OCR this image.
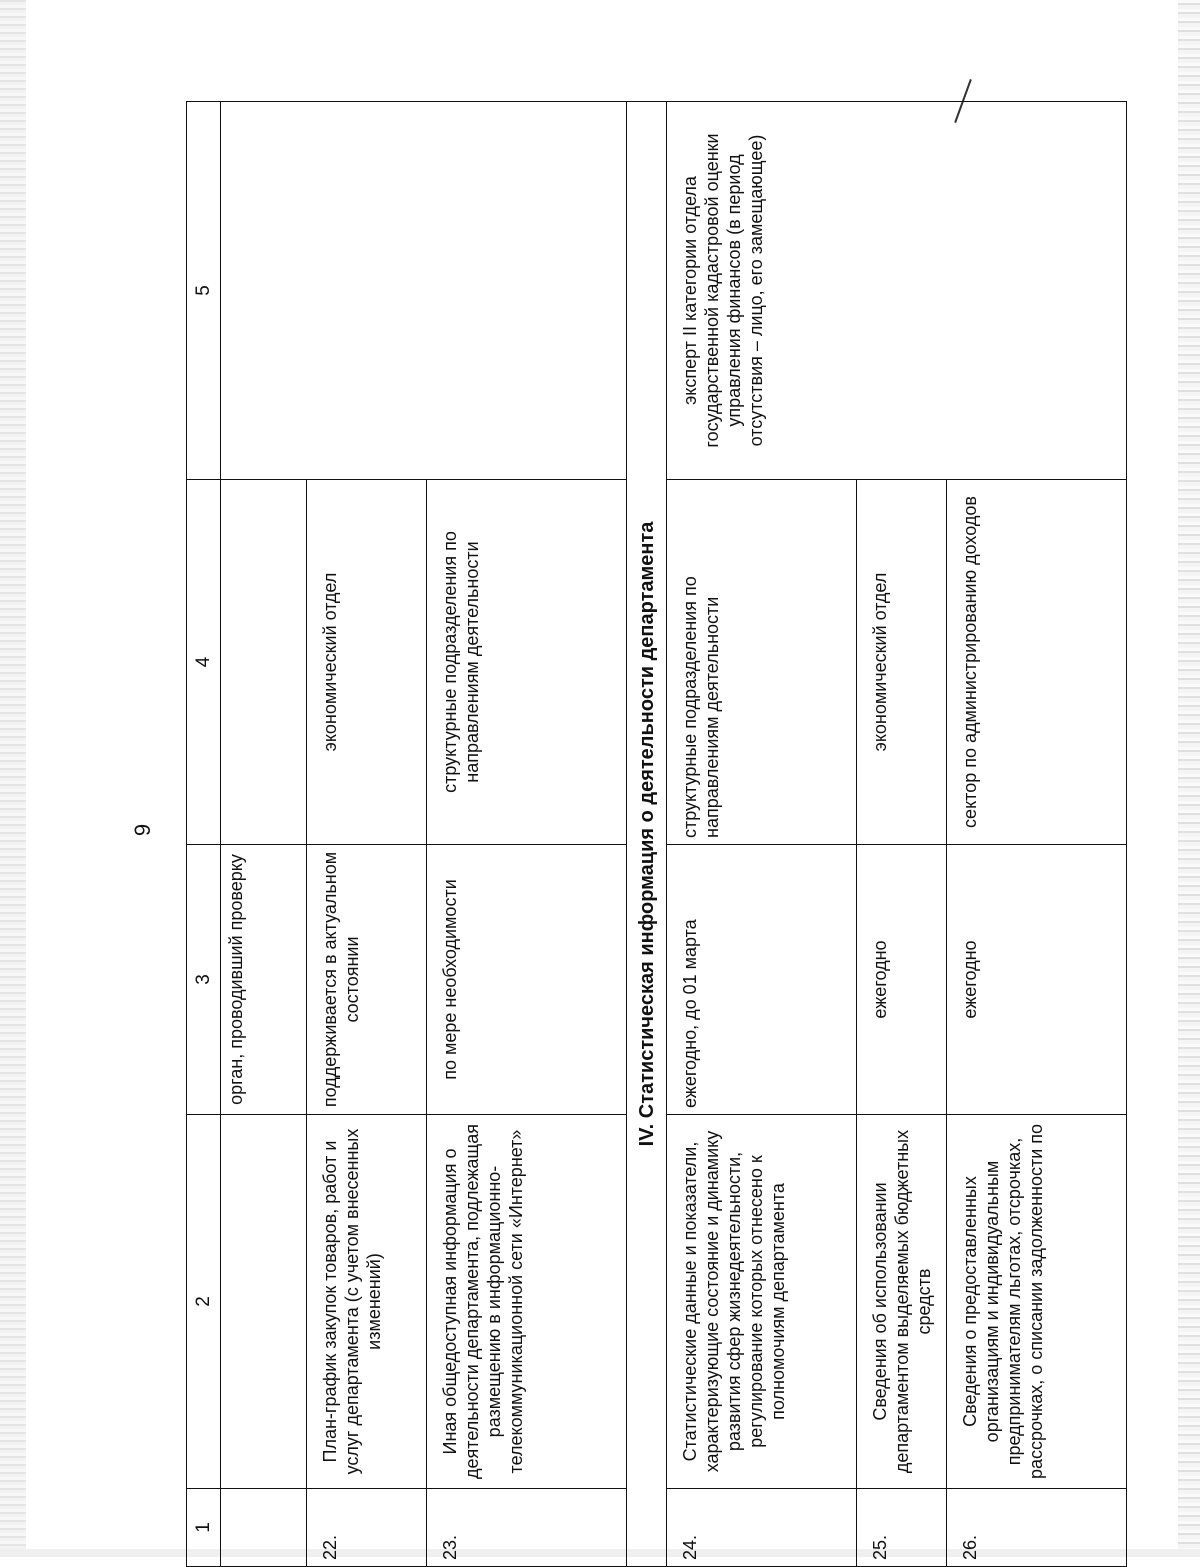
9
1	2	3	4	5
		орган, проводивший проверку		
22.	План-график закупок товаров, работ и услуг департамента (с учетом внесенных изменений)	поддерживается в актуальном состоянии	экономический отдел	
23.	Иная общедоступная информация о деятельности департамента, подлежащая размещению в информационно-телекоммуникационной сети «Интернет»	по мере необходимости	структурные подразделения по направлениям деятельности	
IV. Статистическая информация о деятельности департамента				
24.	Статистические данные и показатели, характеризующие состояние и динамику развития сфер жизнедеятельности, регулирование которых отнесено к полномочиям департамента	ежегодно, до 01 марта	структурные подразделения по направлениям деятельности	эксперт II категории отдела государственной кадастровой оценки управления финансов (в период отсутствия – лицо, его замещающее)
25.	Сведения об использовании департаментом выделяемых бюджетных средств	ежегодно	экономический отдел	
26.	Сведения о предоставленных организациям и индивидуальным предпринимателям льготах, отсрочках, рассрочках, о списании задолженности по	ежегодно	сектор по администрированию доходов	
